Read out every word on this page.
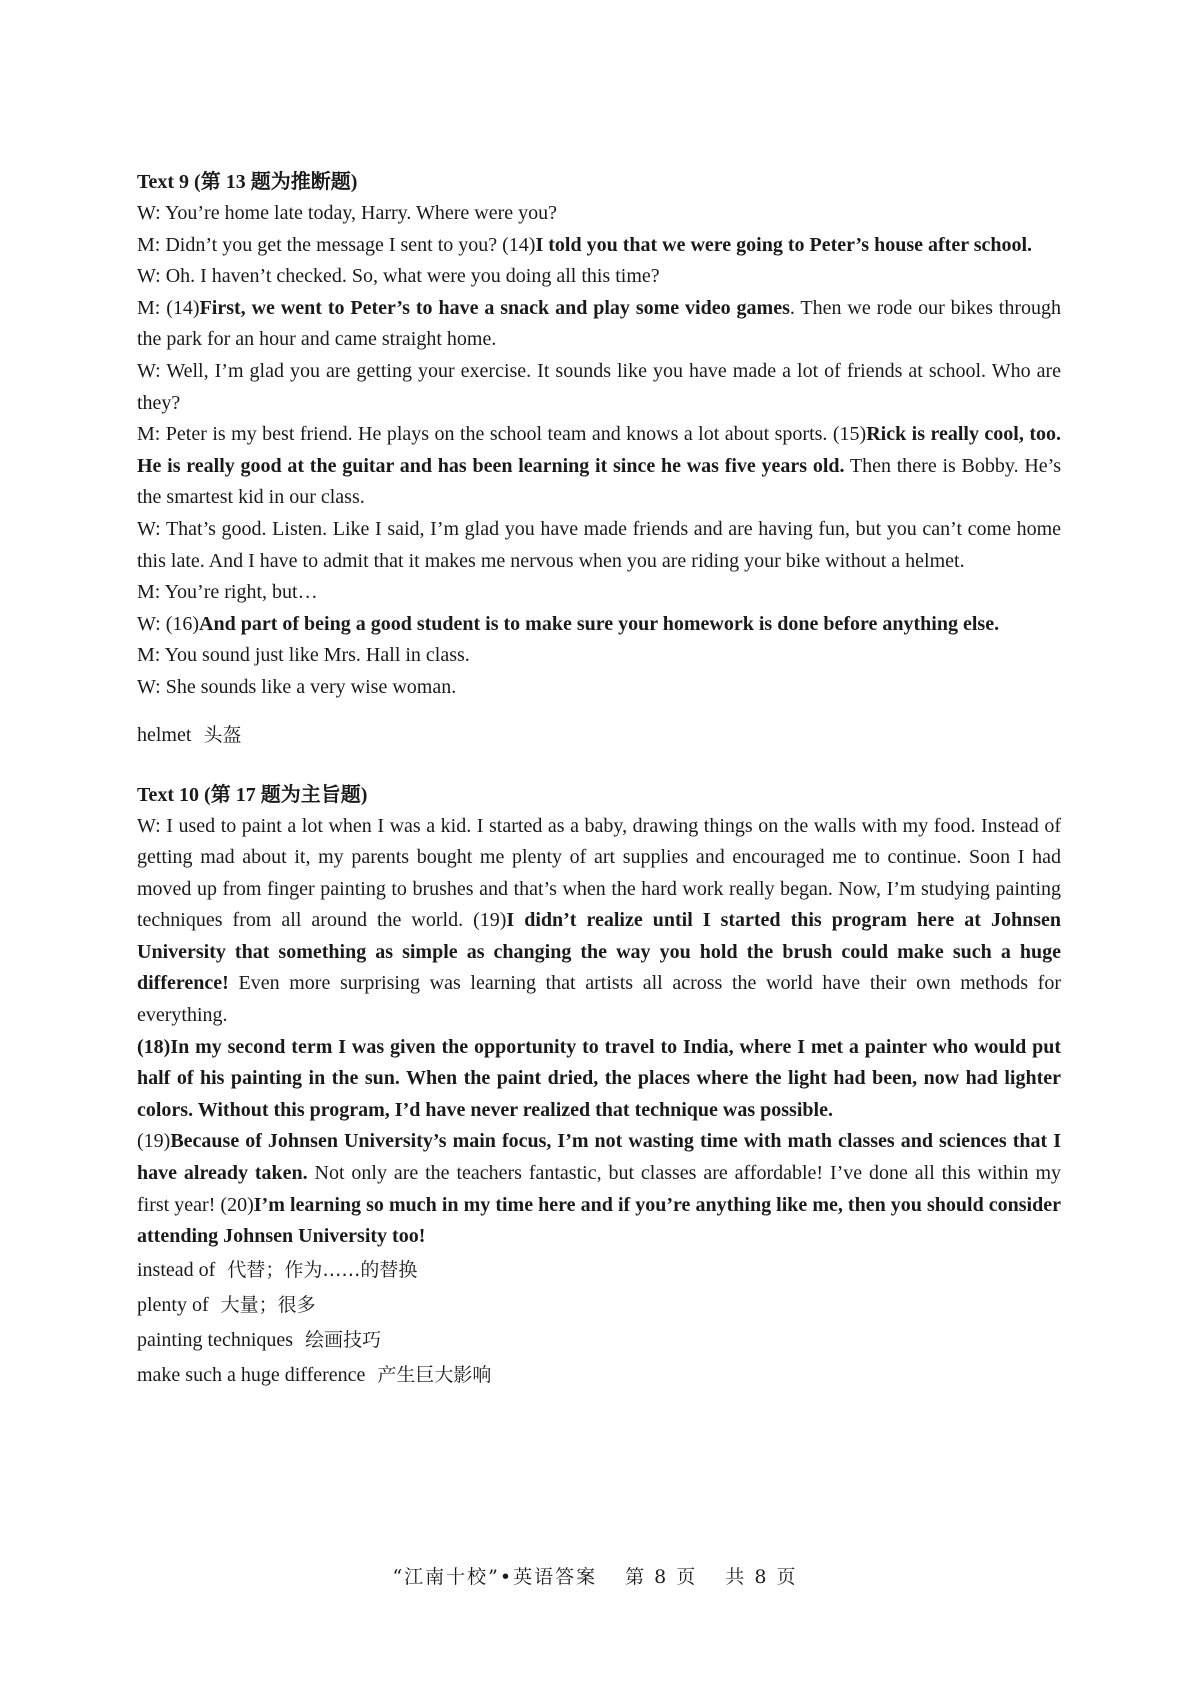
Text 9 (第 13 题为推断题)

W: You’re home late today, Harry. Where were you?

M: Didn’t you get the message I sent to you? (14)I told you that we were going to Peter’s house after school.

W: Oh. I haven’t checked. So, what were you doing all this time?

M: (14)First, we went to Peter’s to have a snack and play some video games. Then we rode our bikes through the park for an hour and came straight home.

W: Well, I’m glad you are getting your exercise. It sounds like you have made a lot of friends at school. Who are they?

M: Peter is my best friend. He plays on the school team and knows a lot about sports. (15)Rick is really cool, too. He is really good at the guitar and has been learning it since he was five years old. Then there is Bobby. He’s the smartest kid in our class.

W: That’s good. Listen. Like I said, I’m glad you have made friends and are having fun, but you can’t come home this late. And I have to admit that it makes me nervous when you are riding your bike without a helmet.

M: You’re right, but…

W: (16)And part of being a good student is to make sure your homework is done before anything else.

M: You sound just like Mrs. Hall in class.

W: She sounds like a very wise woman.

helmet 头盔

Text 10 (第 17 题为主旨题)

W: I used to paint a lot when I was a kid. I started as a baby, drawing things on the walls with my food. Instead of getting mad about it, my parents bought me plenty of art supplies and encouraged me to continue. Soon I had moved up from finger painting to brushes and that’s when the hard work really began. Now, I’m studying painting techniques from all around the world. (19)I didn’t realize until I started this program here at Johnsen University that something as simple as changing the way you hold the brush could make such a huge difference! Even more surprising was learning that artists all across the world have their own methods for everything.

(18)In my second term I was given the opportunity to travel to India, where I met a painter who would put half of his painting in the sun. When the paint dried, the places where the light had been, now had lighter colors. Without this program, I’d have never realized that technique was possible.

(19)Because of Johnsen University’s main focus, I’m not wasting time with math classes and sciences that I have already taken. Not only are the teachers fantastic, but classes are affordable! I’ve done all this within my first year! (20)I’m learning so much in my time here and if you’re anything like me, then you should consider attending Johnsen University too!

instead of 代替；作为……的替换

plenty of 大量；很多

painting techniques 绘画技巧

make such a huge difference 产生巨大影响

“江南十校”•英语答案 第 8 页 共 8 页
